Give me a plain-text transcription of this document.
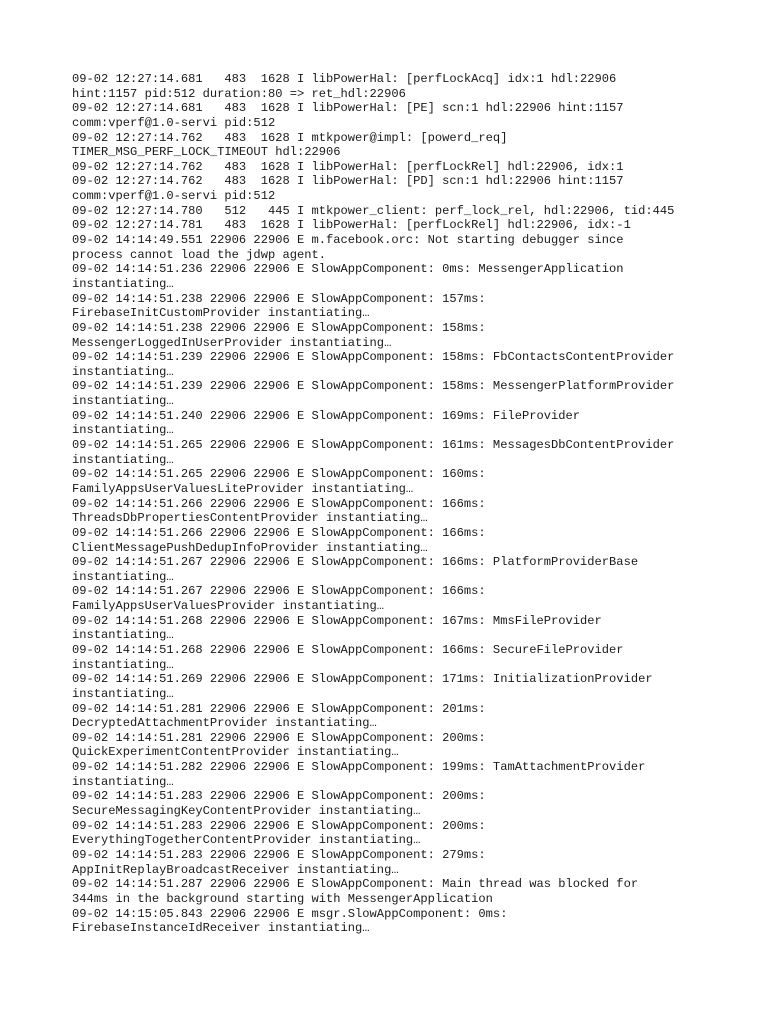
09-02 12:27:14.681   483  1628 I libPowerHal: [perfLockAcq] idx:1 hdl:22906
hint:1157 pid:512 duration:80 => ret_hdl:22906
09-02 12:27:14.681   483  1628 I libPowerHal: [PE] scn:1 hdl:22906 hint:1157
comm:vperf@1.0-servi pid:512
09-02 12:27:14.762   483  1628 I mtkpower@impl: [powerd_req]
TIMER_MSG_PERF_LOCK_TIMEOUT hdl:22906
09-02 12:27:14.762   483  1628 I libPowerHal: [perfLockRel] hdl:22906, idx:1
09-02 12:27:14.762   483  1628 I libPowerHal: [PD] scn:1 hdl:22906 hint:1157
comm:vperf@1.0-servi pid:512
09-02 12:27:14.780   512   445 I mtkpower_client: perf_lock_rel, hdl:22906, tid:445
09-02 12:27:14.781   483  1628 I libPowerHal: [perfLockRel] hdl:22906, idx:-1
09-02 14:14:49.551 22906 22906 E m.facebook.orc: Not starting debugger since
process cannot load the jdwp agent.
09-02 14:14:51.236 22906 22906 E SlowAppComponent: 0ms: MessengerApplication
instantiating…
09-02 14:14:51.238 22906 22906 E SlowAppComponent: 157ms:
FirebaseInitCustomProvider instantiating…
09-02 14:14:51.238 22906 22906 E SlowAppComponent: 158ms:
MessengerLoggedInUserProvider instantiating…
09-02 14:14:51.239 22906 22906 E SlowAppComponent: 158ms: FbContactsContentProvider
instantiating…
09-02 14:14:51.239 22906 22906 E SlowAppComponent: 158ms: MessengerPlatformProvider
instantiating…
09-02 14:14:51.240 22906 22906 E SlowAppComponent: 169ms: FileProvider
instantiating…
09-02 14:14:51.265 22906 22906 E SlowAppComponent: 161ms: MessagesDbContentProvider
instantiating…
09-02 14:14:51.265 22906 22906 E SlowAppComponent: 160ms:
FamilyAppsUserValuesLiteProvider instantiating…
09-02 14:14:51.266 22906 22906 E SlowAppComponent: 166ms:
ThreadsDbPropertiesContentProvider instantiating…
09-02 14:14:51.266 22906 22906 E SlowAppComponent: 166ms:
ClientMessagePushDedupInfoProvider instantiating…
09-02 14:14:51.267 22906 22906 E SlowAppComponent: 166ms: PlatformProviderBase
instantiating…
09-02 14:14:51.267 22906 22906 E SlowAppComponent: 166ms:
FamilyAppsUserValuesProvider instantiating…
09-02 14:14:51.268 22906 22906 E SlowAppComponent: 167ms: MmsFileProvider
instantiating…
09-02 14:14:51.268 22906 22906 E SlowAppComponent: 166ms: SecureFileProvider
instantiating…
09-02 14:14:51.269 22906 22906 E SlowAppComponent: 171ms: InitializationProvider
instantiating…
09-02 14:14:51.281 22906 22906 E SlowAppComponent: 201ms:
DecryptedAttachmentProvider instantiating…
09-02 14:14:51.281 22906 22906 E SlowAppComponent: 200ms:
QuickExperimentContentProvider instantiating…
09-02 14:14:51.282 22906 22906 E SlowAppComponent: 199ms: TamAttachmentProvider
instantiating…
09-02 14:14:51.283 22906 22906 E SlowAppComponent: 200ms:
SecureMessagingKeyContentProvider instantiating…
09-02 14:14:51.283 22906 22906 E SlowAppComponent: 200ms:
EverythingTogetherContentProvider instantiating…
09-02 14:14:51.283 22906 22906 E SlowAppComponent: 279ms:
AppInitReplayBroadcastReceiver instantiating…
09-02 14:14:51.287 22906 22906 E SlowAppComponent: Main thread was blocked for
344ms in the background starting with MessengerApplication
09-02 14:15:05.843 22906 22906 E msgr.SlowAppComponent: 0ms:
FirebaseInstanceIdReceiver instantiating…
